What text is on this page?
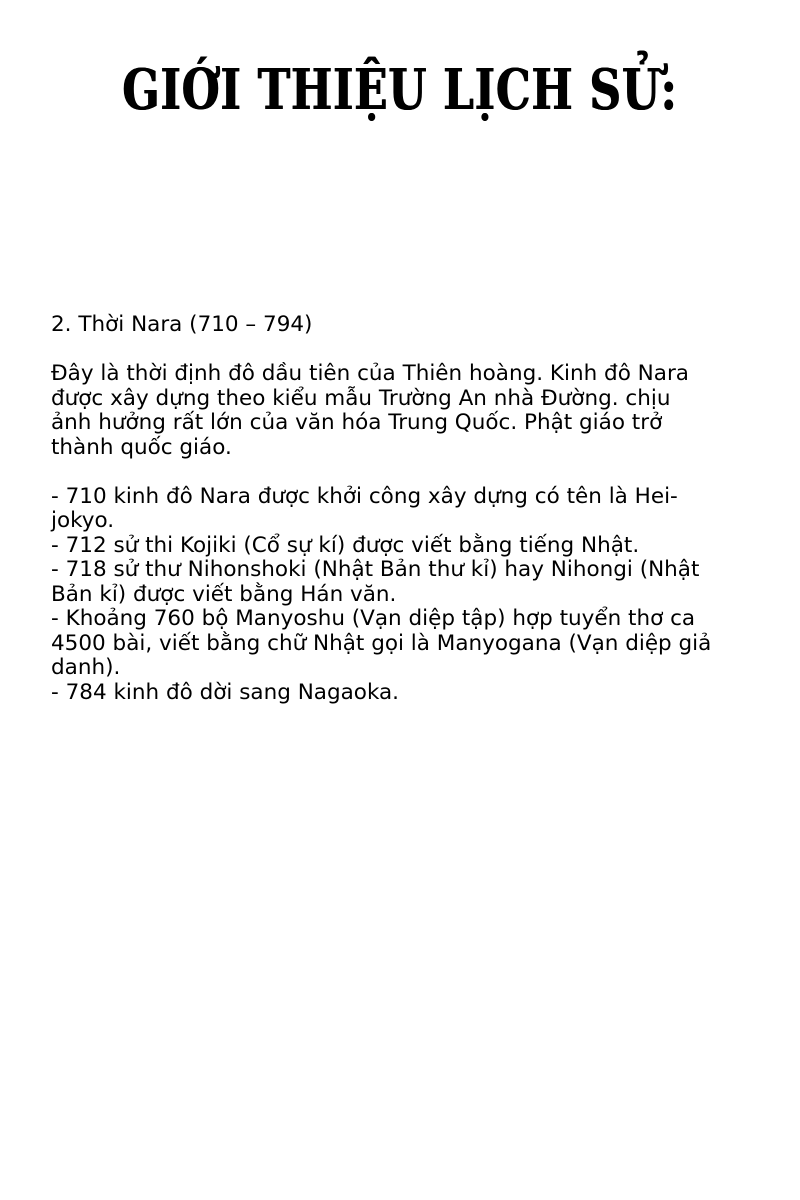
GIỚI THIỆU LỊCH SỬ:

2. Thời Nara (710 – 794)

Đây là thời định đô dầu tiên của Thiên hoàng. Kinh đô Nara
được xây dựng theo kiểu mẫu Trường An nhà Đường. chịu
ảnh hưởng rất lớn của văn hóa Trung Quốc. Phật giáo trở
thành quốc giáo.
- 710 kinh đô Nara được khởi công xây dựng có tên là Hei-
jokyo.
- 712 sử thi Kojiki (Cổ sự kí) được viết bằng tiếng Nhật.
- 718 sử thư Nihonshoki (Nhật Bản thư kỉ) hay Nihongi (Nhật
Bản kỉ) được viết bằng Hán văn.
- Khoảng 760 bộ Manyoshu (Vạn diệp tập) hợp tuyển thơ ca
4500 bài, viết bằng chữ Nhật gọi là Manyogana (Vạn diệp giả
danh).
- 784 kinh đô dời sang Nagaoka.
